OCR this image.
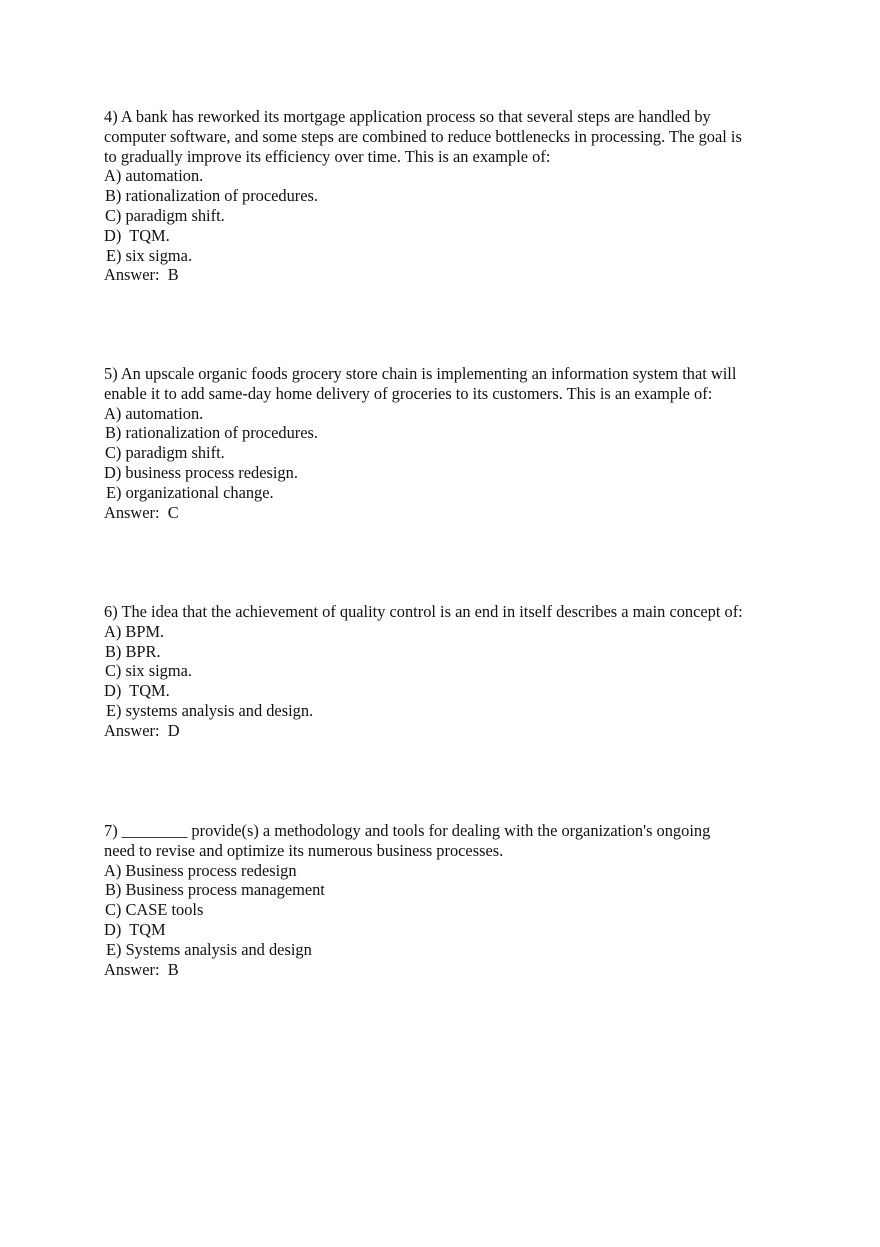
4) A bank has reworked its mortgage application process so that several steps are handled by
computer software, and some steps are combined to reduce bottlenecks in processing. The goal is
to gradually improve its efficiency over time. This is an example of:
A) automation.
B) rationalization of procedures.
C) paradigm shift.
D)  TQM.
E) six sigma.
Answer:  B
5) An upscale organic foods grocery store chain is implementing an information system that will
enable it to add same-day home delivery of groceries to its customers. This is an example of:
A) automation.
B) rationalization of procedures.
C) paradigm shift.
D) business process redesign.
E) organizational change.
Answer:  C
6) The idea that the achievement of quality control is an end in itself describes a main concept of:
A) BPM.
B) BPR.
C) six sigma.
D)  TQM.
E) systems analysis and design.
Answer:  D
7) ________ provide(s) a methodology and tools for dealing with the organization's ongoing
need to revise and optimize its numerous business processes.
A) Business process redesign
B) Business process management
C) CASE tools
D)  TQM
E) Systems analysis and design
Answer:  B
